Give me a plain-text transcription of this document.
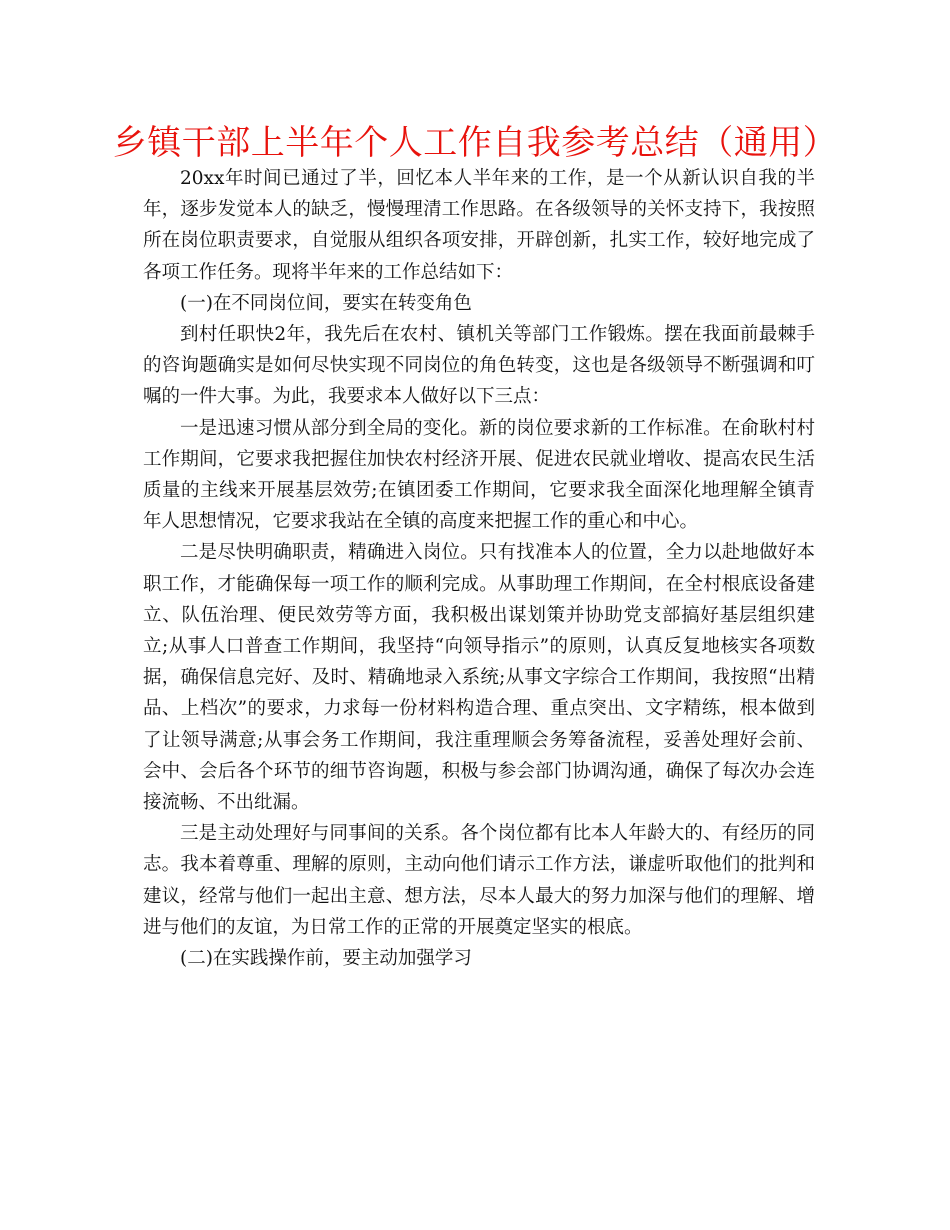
乡镇干部上半年个人工作自我参考总结（通用）

20xx年时间已通过了半，回忆本人半年来的工作，是一个从新认识自我的半年，逐步发觉本人的缺乏，慢慢理清工作思路。在各级领导的关怀支持下，我按照所在岗位职责要求，自觉服从组织各项安排，开辟创新，扎实工作，较好地完成了各项工作任务。现将半年来的工作总结如下：

(一)在不同岗位间，要实在转变角色

到村任职快2年，我先后在农村、镇机关等部门工作锻炼。摆在我面前最棘手的咨询题确实是如何尽快实现不同岗位的角色转变，这也是各级领导不断强调和叮嘱的一件大事。为此，我要求本人做好以下三点：

一是迅速习惯从部分到全局的变化。新的岗位要求新的工作标准。在俞耿村村工作期间，它要求我把握住加快农村经济开展、促进农民就业增收、提高农民生活质量的主线来开展基层效劳;在镇团委工作期间，它要求我全面深化地理解全镇青年人思想情况，它要求我站在全镇的高度来把握工作的重心和中心。

二是尽快明确职责，精确进入岗位。只有找准本人的位置，全力以赴地做好本职工作，才能确保每一项工作的顺利完成。从事助理工作期间，在全村根底设备建立、队伍治理、便民效劳等方面，我积极出谋划策并协助党支部搞好基层组织建立;从事人口普查工作期间，我坚持“向领导指示”的原则，认真反复地核实各项数据，确保信息完好、及时、精确地录入系统;从事文字综合工作期间，我按照“出精品、上档次”的要求，力求每一份材料构造合理、重点突出、文字精练，根本做到了让领导满意;从事会务工作期间，我注重理顺会务筹备流程，妥善处理好会前、会中、会后各个环节的细节咨询题，积极与参会部门协调沟通，确保了每次办会连接流畅、不出纰漏。

三是主动处理好与同事间的关系。各个岗位都有比本人年龄大的、有经历的同志。我本着尊重、理解的原则，主动向他们请示工作方法，谦虚听取他们的批判和建议，经常与他们一起出主意、想方法，尽本人最大的努力加深与他们的理解、增进与他们的友谊，为日常工作的正常的开展奠定坚实的根底。

(二)在实践操作前，要主动加强学习
